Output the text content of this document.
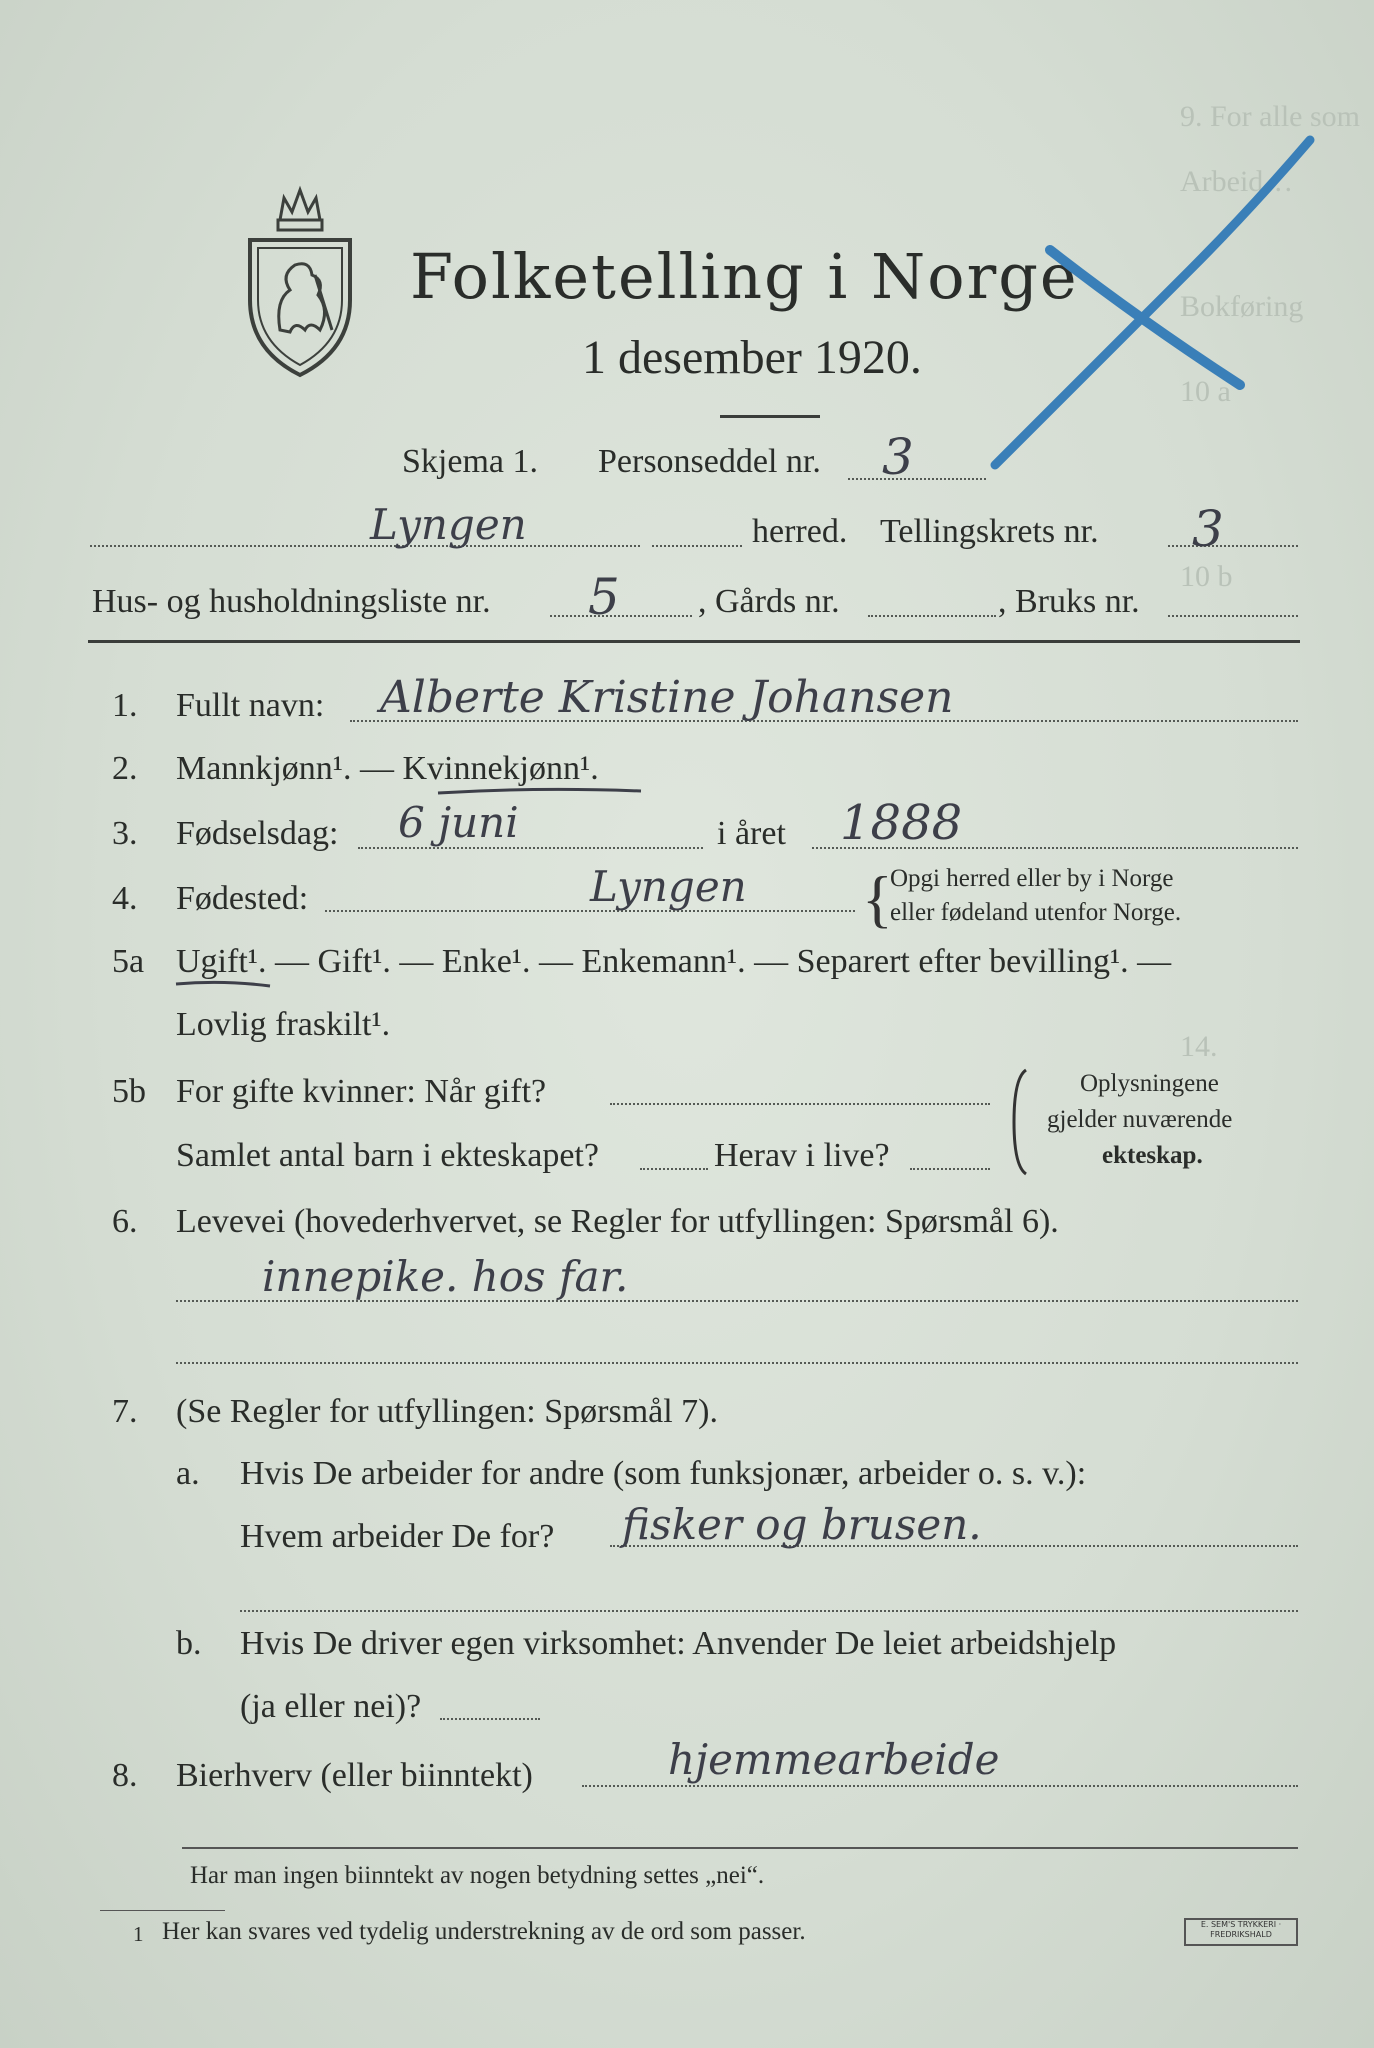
9. For alle som
Arbeid…
Bokføring
10 a
10 b
14.
Folketelling i Norge
1 desember 1920.
Skjema 1. Personseddel nr. 3
Lyngen	herred. Tellingskrets nr. 3
Hus- og husholdningsliste nr. 5 , Gårds nr.	, Bruks nr.
1. Fullt navn: Alberte Kristine Johansen
2. Mannkjønn¹. — Kvinnekjønn¹.
3. Fødselsdag: 6 juni	i året 1888
4. Fødested:	Lyngen {
Opgi herred eller by i Norge
eller fødeland utenfor Norge.
5a Ugift¹. — Gift¹. — Enke¹. — Enkemann¹. — Separert efter bevilling¹. —
Lovlig fraskilt¹.
5b For gifte kvinner: Når gift?
Samlet antal barn i ekteskapet?	Herav i live?
Oplysningene
gjelder nuværende
ekteskap.
6. Levevei (hovederhvervet, se Regler for utfyllingen: Spørsmål 6).
innepike. hos far.
7. (Se Regler for utfyllingen: Spørsmål 7).
a. Hvis De arbeider for andre (som funksjonær, arbeider o. s. v.):
Hvem arbeider De for? fisker og brusen.
b. Hvis De driver egen virksomhet: Anvender De leiet arbeidshjelp
(ja eller nei)?
8. Bierhverv (eller biinntekt)	hjemmearbeide
Har man ingen biinntekt av nogen betydning settes „nei“.
1 Her kan svares ved tydelig understrekning av de ord som passer.	E. SEM'S TRYKKERI · FREDRIKSHALD
